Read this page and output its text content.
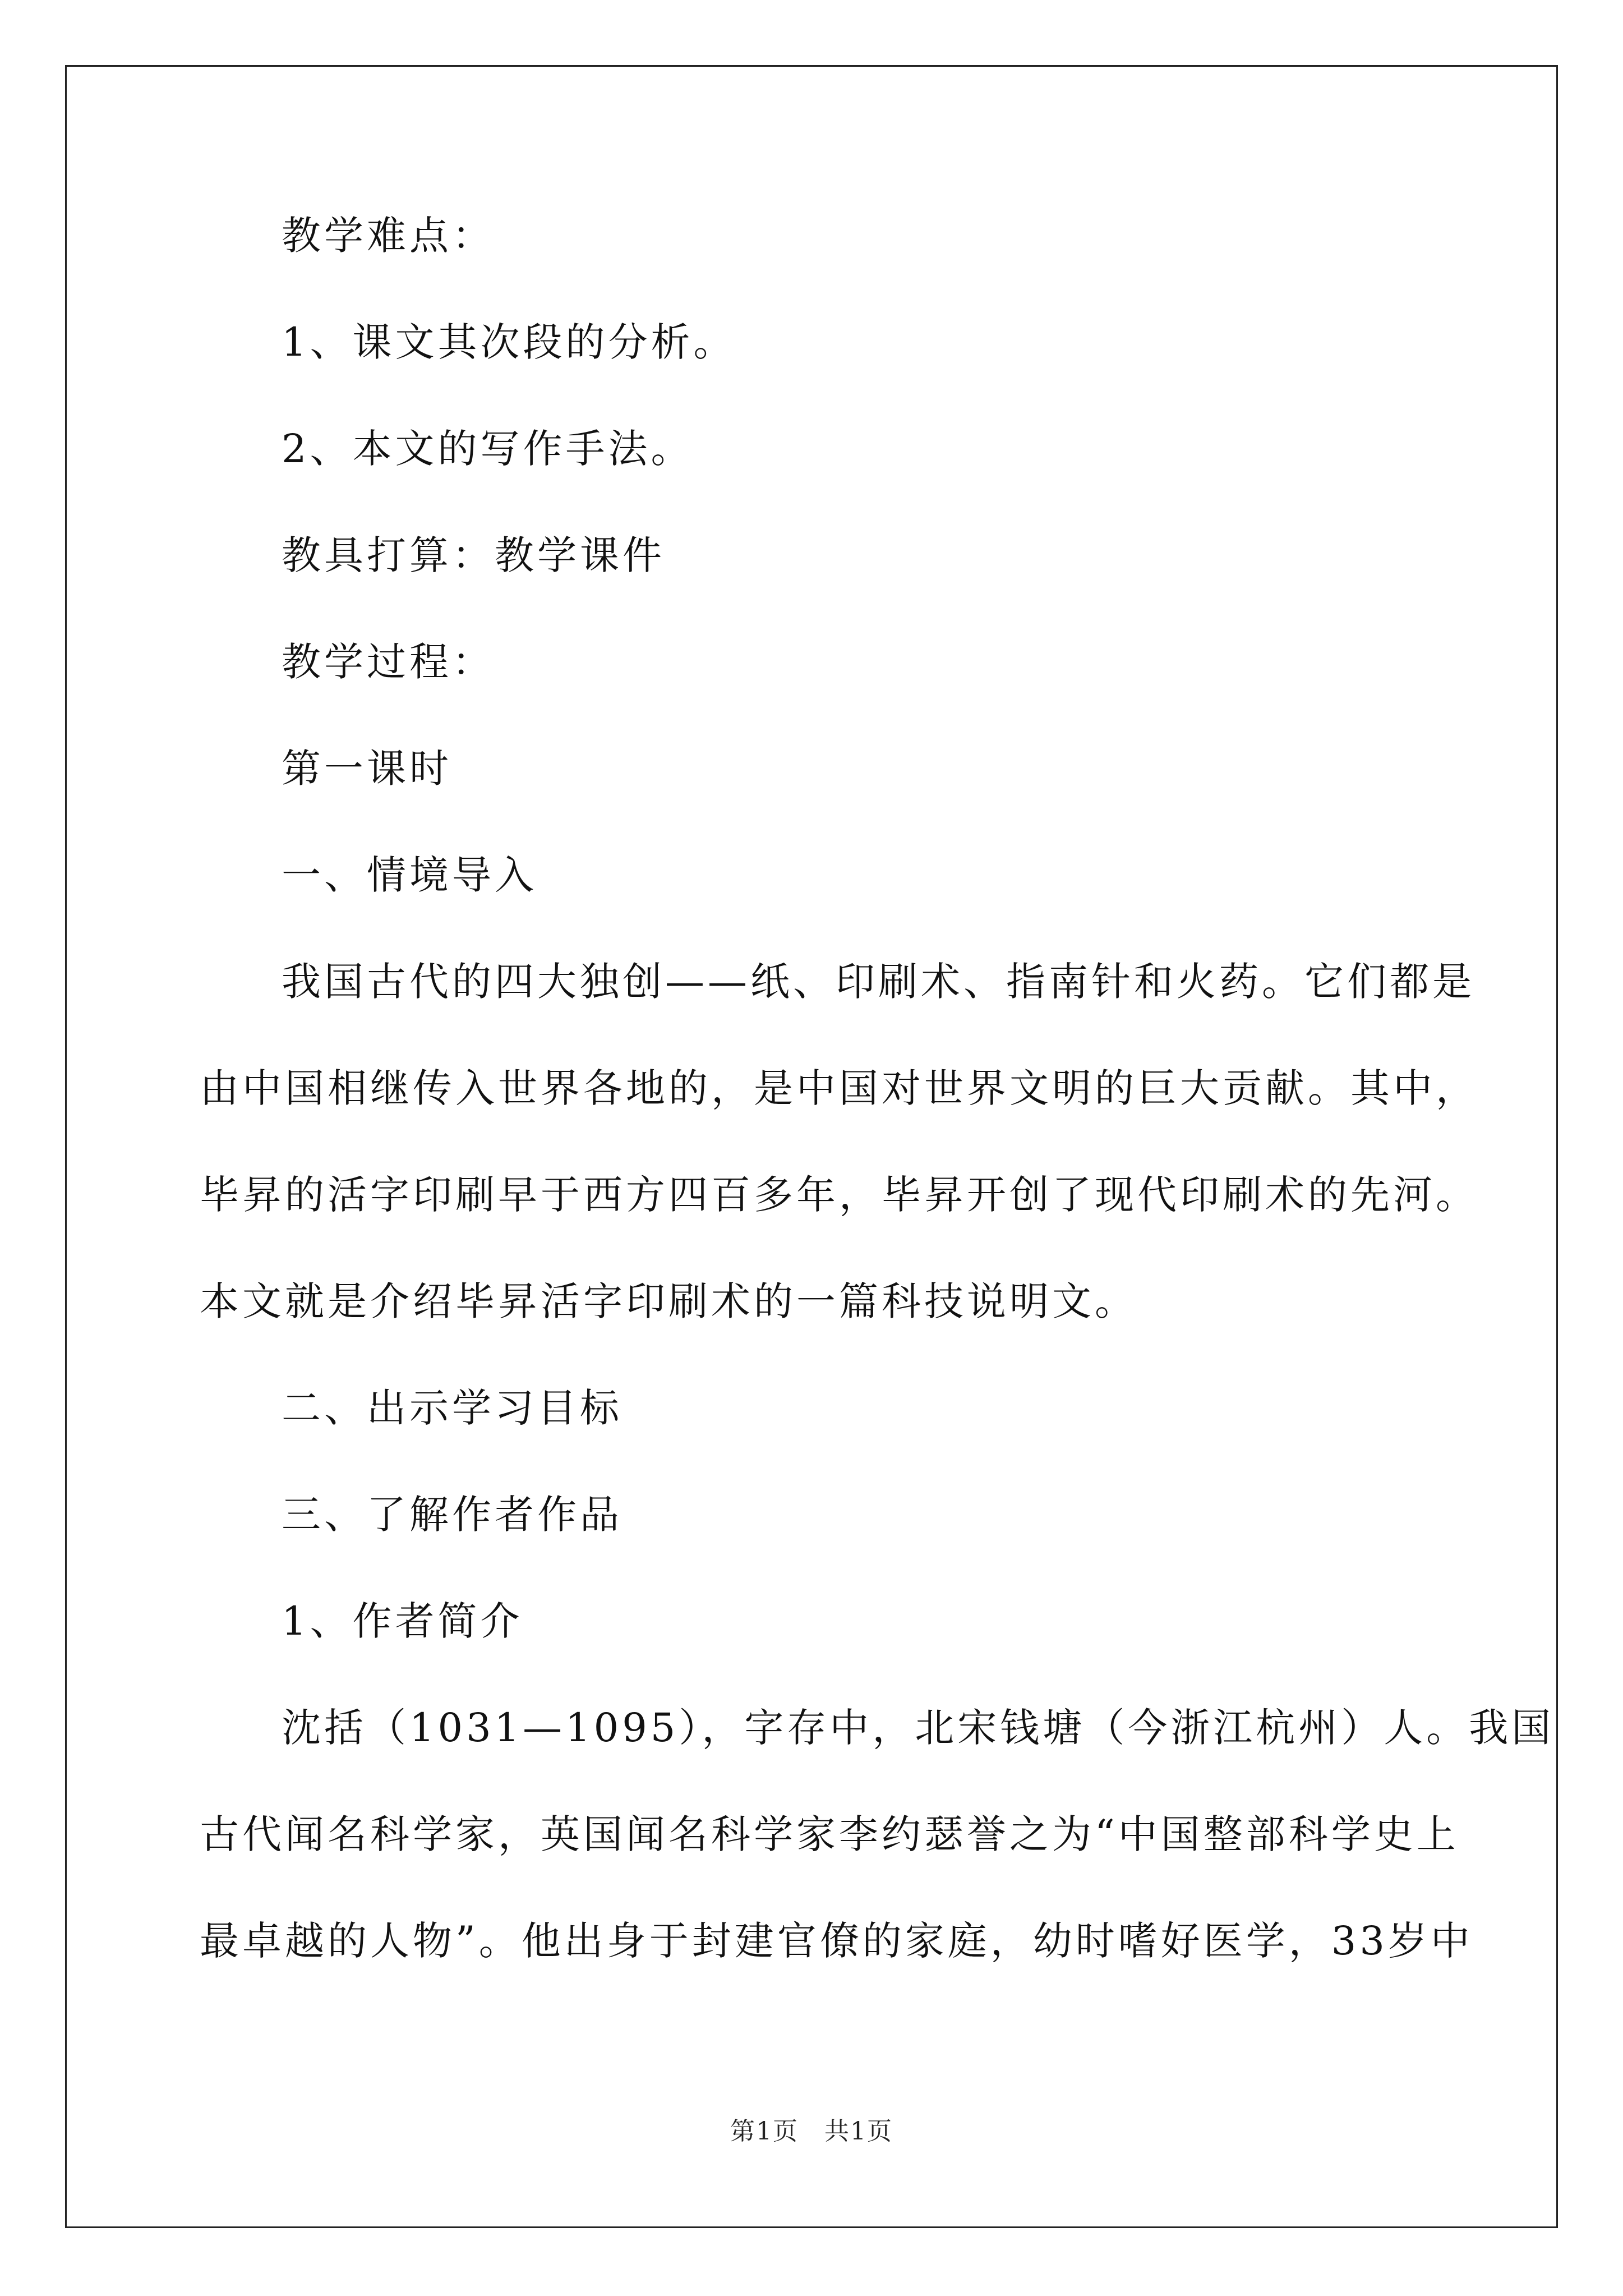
教学难点：
1、课文其次段的分析。
2、本文的写作手法。
教具打算：教学课件
教学过程：
第一课时
一、情境导入
我国古代的四大独创——纸、印刷术、指南针和火药。它们都是
由中国相继传入世界各地的，是中国对世界文明的巨大贡献。其中，
毕昇的活字印刷早于西方四百多年，毕昇开创了现代印刷术的先河。
本文就是介绍毕昇活字印刷术的一篇科技说明文。
二、出示学习目标
三、了解作者作品
1、作者简介
沈括（1031—1095），字存中，北宋钱塘（今浙江杭州）人。我国
古代闻名科学家，英国闻名科学家李约瑟誉之为“中国整部科学史上
最卓越的人物”。他出身于封建官僚的家庭，幼时嗜好医学，33岁中
第1页　共1页
